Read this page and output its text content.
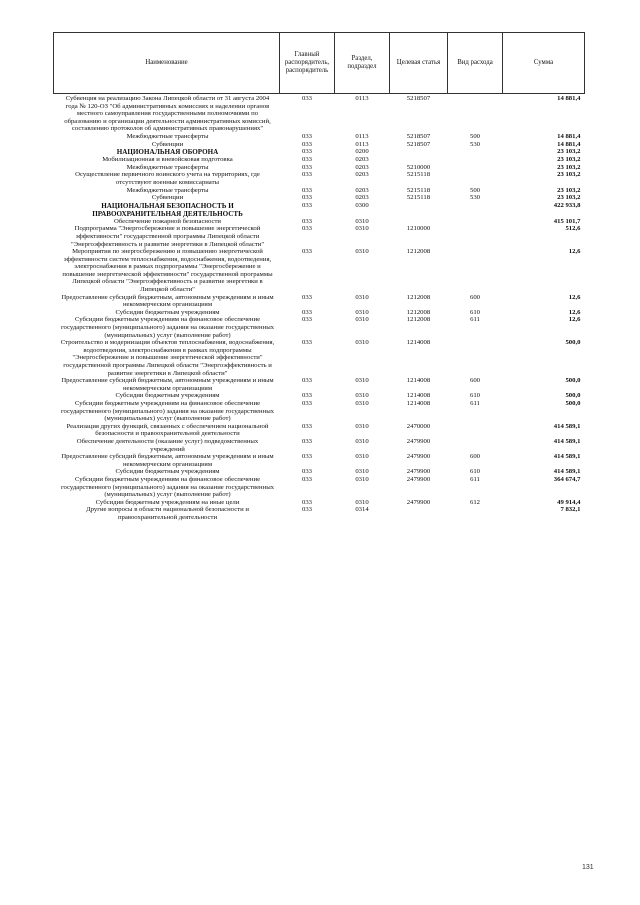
Наименование	Главный распорядитель, распорядитель	Раздел, подраздел	Целевая статья	Вид расхода	Сумма
Субвенция на реализацию Закона Липецкой области от 31 августа 2004 года № 120-ОЗ "Об административных комиссиях и наделении органов местного самоуправления государственными полномочиями по образованию и организации деятельности административных комиссий, составлению протоколов об административных правонарушениях"	033	0113	5218507		14 881,4
Межбюджетные трансферты	033	0113	5218507	500	14 881,4
Субвенции	033	0113	5218507	530	14 881,4
НАЦИОНАЛЬНАЯ ОБОРОНА	033	0200			23 103,2
Мобилизационная и вневойсковая подготовка	033	0203			23 103,2
Межбюджетные трансферты	033	0203	5210000		23 103,2
Осуществление первичного воинского учета на территориях, где отсутствуют военные комиссариаты	033	0203	5215118		23 103,2
Межбюджетные трансферты	033	0203	5215118	500	23 103,2
Субвенции	033	0203	5215118	530	23 103,2
НАЦИОНАЛЬНАЯ БЕЗОПАСНОСТЬ И ПРАВООХРАНИТЕЛЬНАЯ ДЕЯТЕЛЬНОСТЬ	033	0300			422 933,8
Обеспечение пожарной безопасности	033	0310			415 101,7
Подпрограмма "Энергосбережение и повышение энергетической эффективности" государственной программы Липецкой области "Энергоэффективность и развитие энергетики в Липецкой области"	033	0310	1210000		512,6
Мероприятия по энергосбережению и повышению энергетической эффективности систем теплоснабжения, водоснабжения, водоотведения, электроснабжения в рамках подпрограммы "Энергосбережение и повышение энергетической эффективности" государственной программы Липецкой области "Энергоэффективность и развитие энергетики в Липецкой области"	033	0310	1212008		12,6
Предоставление субсидий бюджетным, автономным учреждениям и иным некоммерческим организациям	033	0310	1212008	600	12,6
Субсидии бюджетным учреждениям	033	0310	1212008	610	12,6
Субсидии бюджетным учреждениям на финансовое обеспечение государственного (муниципального) задания на оказание государственных (муниципальных) услуг (выполнение работ)	033	0310	1212008	611	12,6
Строительство и модернизация объектов теплоснабжения, водоснабжения, водоотведения, электроснабжения в рамках подпрограммы "Энергосбережение и повышение энергетической эффективности" государственной программы Липецкой области "Энергоэффективность и развитие энергетики в Липецкой области"	033	0310	1214008		500,0
Предоставление субсидий бюджетным, автономным учреждениям и иным некоммерческим организациям	033	0310	1214008	600	500,0
Субсидии бюджетным учреждениям	033	0310	1214008	610	500,0
Субсидии бюджетным учреждениям на финансовое обеспечение государственного (муниципального) задания на оказание государственных (муниципальных) услуг (выполнение работ)	033	0310	1214008	611	500,0
Реализация других функций, связанных с обеспечением национальной безопасности и правоохранительной деятельности	033	0310	2470000		414 589,1
Обеспечение деятельности (оказание услуг) подведомственных учреждений	033	0310	2479900		414 589,1
Предоставление субсидий бюджетным, автономным учреждениям и иным некоммерческим организациям	033	0310	2479900	600	414 589,1
Субсидии бюджетным учреждениям	033	0310	2479900	610	414 589,1
Субсидии бюджетным учреждениям на финансовое обеспечение государственного (муниципального) задания на оказание государственных (муниципальных) услуг (выполнение работ)	033	0310	2479900	611	364 674,7
Субсидии бюджетным учреждениям на иные цели	033	0310	2479900	612	49 914,4
Другие вопросы в области национальной безопасности и правоохранительной деятельности	033	0314			7 832,1
131
